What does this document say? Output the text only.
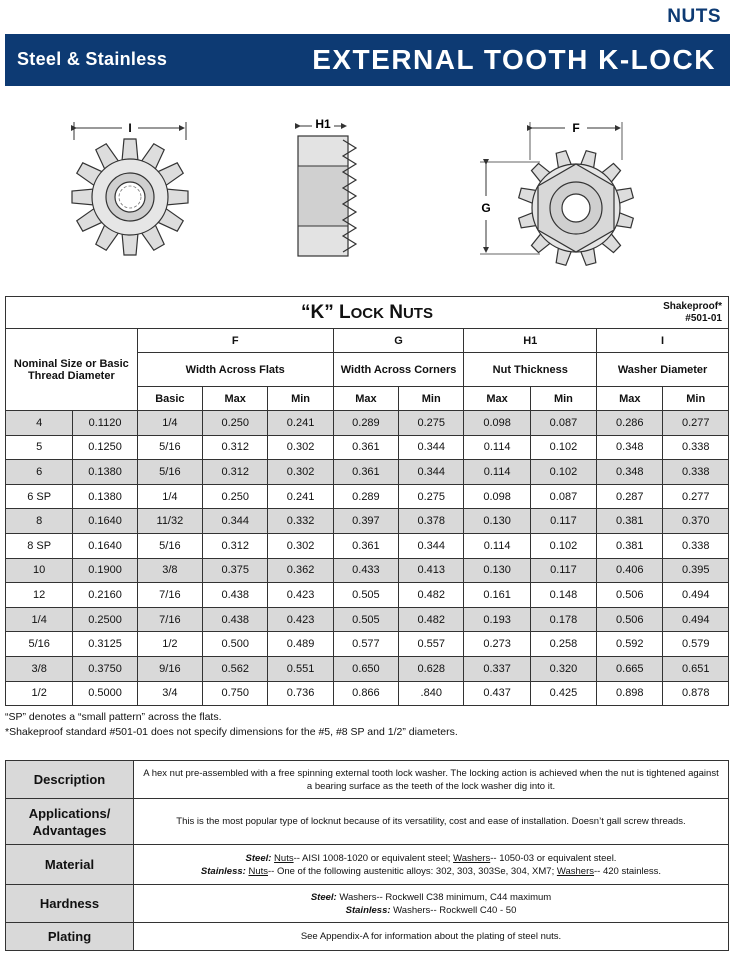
NUTS
Steel & Stainless	EXTERNAL TOOTH K-LOCK
I	H1	F
G
“K” LOCK NUTS Shakeproof*
#501-01										

Nominal Size or Basic Thread Diameter		F			G		H1		I	
		Width Across Flats			Width Across Corners		Nut Thickness		Washer Diameter	
		Basic	Max	Min	Max	Min	Max	Min	Max	Min
4	0.1120	1/4	0.250	0.241	0.289	0.275	0.098	0.087	0.286	0.277
5	0.1250	5/16	0.312	0.302	0.361	0.344	0.114	0.102	0.348	0.338
6	0.1380	5/16	0.312	0.302	0.361	0.344	0.114	0.102	0.348	0.338
6 SP	0.1380	1/4	0.250	0.241	0.289	0.275	0.098	0.087	0.287	0.277
8	0.1640	11/32	0.344	0.332	0.397	0.378	0.130	0.117	0.381	0.370
8 SP	0.1640	5/16	0.312	0.302	0.361	0.344	0.114	0.102	0.381	0.338
10	0.1900	3/8	0.375	0.362	0.433	0.413	0.130	0.117	0.406	0.395
12	0.2160	7/16	0.438	0.423	0.505	0.482	0.161	0.148	0.506	0.494
1/4	0.2500	7/16	0.438	0.423	0.505	0.482	0.193	0.178	0.506	0.494
5/16	0.3125	1/2	0.500	0.489	0.577	0.557	0.273	0.258	0.592	0.579
3/8	0.3750	9/16	0.562	0.551	0.650	0.628	0.337	0.320	0.665	0.651
1/2	0.5000	3/4	0.750	0.736	0.866	.840	0.437	0.425	0.898	0.878
“SP” denotes a “small pattern” across the flats.
*Shakeproof standard #501-01 does not specify dimensions for the #5, #8 SP and 1/2” diameters.
Description	A hex nut pre-assembled with a free spinning external tooth lock washer. The locking action is achieved when the nut is tightened against a bearing surface as the teeth of the lock washer dig into it.

Applications/
Advantages	This is the most popular type of locknut because of its versatility, cost and ease of installation. Doesn’t gall screw threads.
Material	Steel: Nuts-- AISI 1008-1020 or equivalent steel; Washers-- 1050-03 or equivalent steel.
Stainless: Nuts-- One of the following austenitic alloys: 302, 303, 303Se, 304, XM7; Washers-- 420 stainless.

Hardness	Steel: Washers-- Rockwell C38 minimum, C44 maximum
Stainless: Washers-- Rockwell C40 - 50

Plating	See Appendix-A for information about the plating of steel nuts.
